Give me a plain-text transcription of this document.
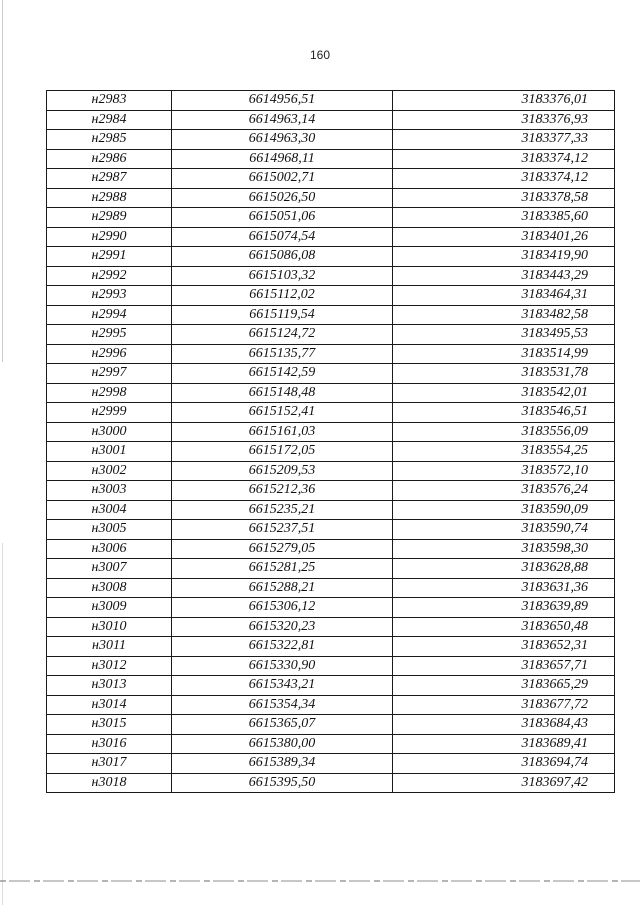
160
н2983	6614956,51	3183376,01
н2984	6614963,14	3183376,93
н2985	6614963,30	3183377,33
н2986	6614968,11	3183374,12
н2987	6615002,71	3183374,12
н2988	6615026,50	3183378,58
н2989	6615051,06	3183385,60
н2990	6615074,54	3183401,26
н2991	6615086,08	3183419,90
н2992	6615103,32	3183443,29
н2993	6615112,02	3183464,31
н2994	6615119,54	3183482,58
н2995	6615124,72	3183495,53
н2996	6615135,77	3183514,99
н2997	6615142,59	3183531,78
н2998	6615148,48	3183542,01
н2999	6615152,41	3183546,51
н3000	6615161,03	3183556,09
н3001	6615172,05	3183554,25
н3002	6615209,53	3183572,10
н3003	6615212,36	3183576,24
н3004	6615235,21	3183590,09
н3005	6615237,51	3183590,74
н3006	6615279,05	3183598,30
н3007	6615281,25	3183628,88
н3008	6615288,21	3183631,36
н3009	6615306,12	3183639,89
н3010	6615320,23	3183650,48
н3011	6615322,81	3183652,31
н3012	6615330,90	3183657,71
н3013	6615343,21	3183665,29
н3014	6615354,34	3183677,72
н3015	6615365,07	3183684,43
н3016	6615380,00	3183689,41
н3017	6615389,34	3183694,74
н3018	6615395,50	3183697,42
